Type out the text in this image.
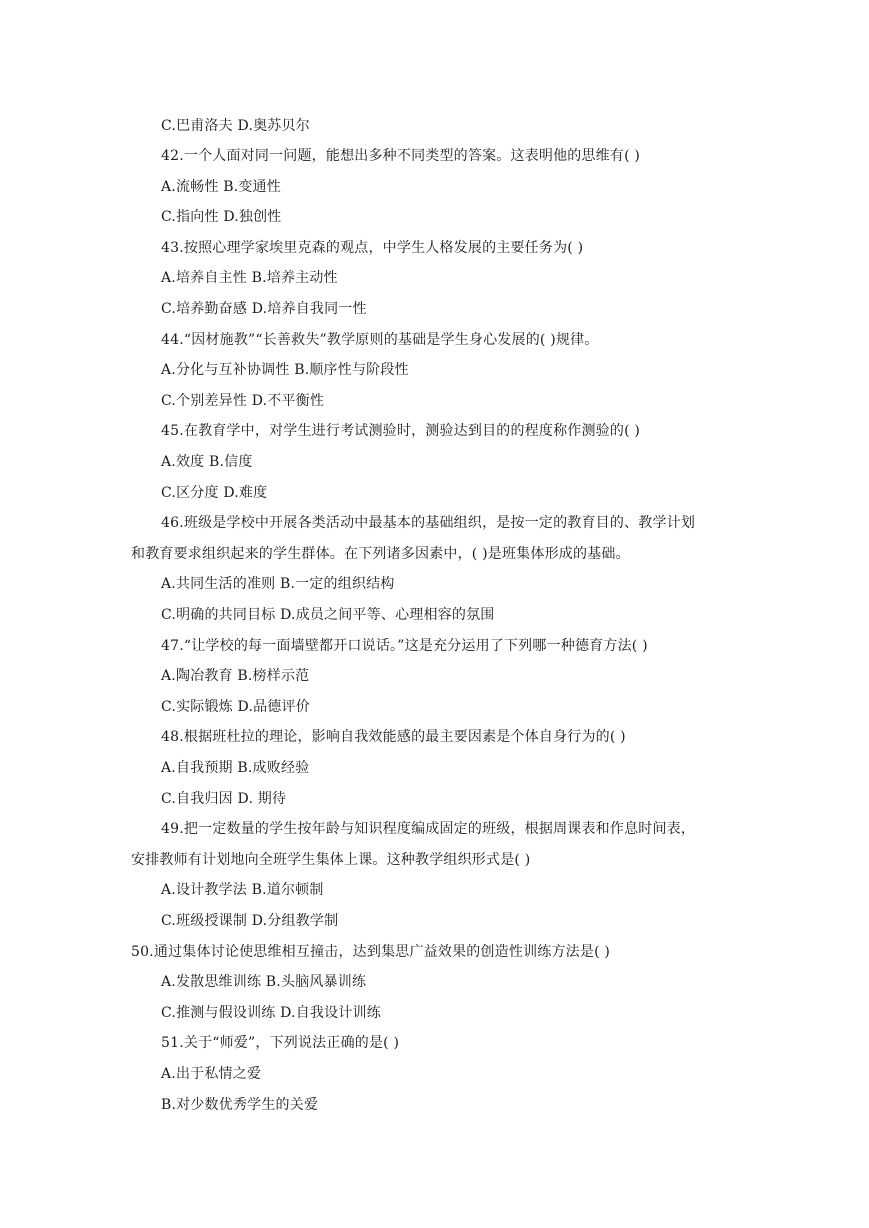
C.巴甫洛夫 D.奥苏贝尔
42.一个人面对同一问题，能想出多种不同类型的答案。这表明他的思维有( )
A.流畅性 B.变通性
C.指向性 D.独创性
43.按照心理学家埃里克森的观点，中学生人格发展的主要任务为( )
A.培养自主性 B.培养主动性
C.培养勤奋感 D.培养自我同一性
44.“因材施教”“长善救失”教学原则的基础是学生身心发展的( )规律。
A.分化与互补协调性 B.顺序性与阶段性
C.个别差异性 D.不平衡性
45.在教育学中，对学生进行考试测验时，测验达到目的的程度称作测验的( )
A.效度 B.信度
C.区分度 D.难度
46.班级是学校中开展各类活动中最基本的基础组织，是按一定的教育目的、教学计划
和教育要求组织起来的学生群体。在下列诸多因素中，( )是班集体形成的基础。
A.共同生活的准则 B.一定的组织结构
C.明确的共同目标 D.成员之间平等、心理相容的氛围
47.“让学校的每一面墙壁都开口说话。”这是充分运用了下列哪一种德育方法( )
A.陶冶教育 B.榜样示范
C.实际锻炼 D.品德评价
48.根据班杜拉的理论，影响自我效能感的最主要因素是个体自身行为的( )
A.自我预期 B.成败经验
C.自我归因 D. 期待
49.把一定数量的学生按年龄与知识程度编成固定的班级，根据周课表和作息时间表，
安排教师有计划地向全班学生集体上课。这种教学组织形式是( )
A.设计教学法 B.道尔顿制
C.班级授课制 D.分组教学制
50.通过集体讨论使思维相互撞击，达到集思广益效果的创造性训练方法是( )
A.发散思维训练 B.头脑风暴训练
C.推测与假设训练 D.自我设计训练
51.关于“师爱”，下列说法正确的是( )
A.出于私情之爱
B.对少数优秀学生的关爱
